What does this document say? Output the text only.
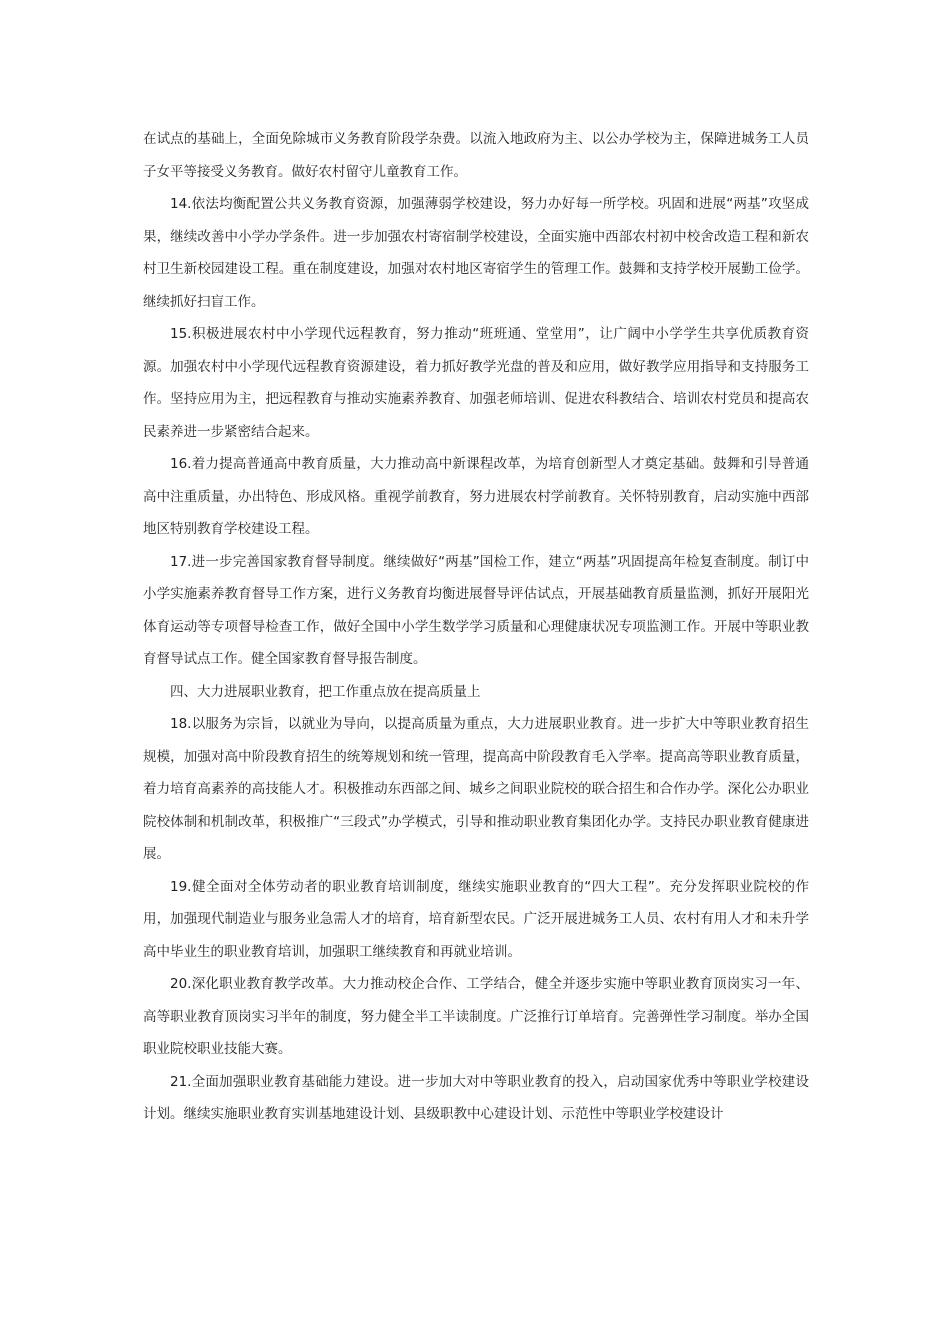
在试点的基础上，全面免除城市义务教育阶段学杂费。以流入地政府为主、以公办学校为主，保障进城务工人员子女平等接受义务教育。做好农村留守儿童教育工作。

14.依法均衡配置公共义务教育资源，加强薄弱学校建设，努力办好每一所学校。巩固和进展“两基”攻坚成果，继续改善中小学办学条件。进一步加强农村寄宿制学校建设，全面实施中西部农村初中校舍改造工程和新农村卫生新校园建设工程。重在制度建设，加强对农村地区寄宿学生的管理工作。鼓舞和支持学校开展勤工俭学。继续抓好扫盲工作。

15.积极进展农村中小学现代远程教育，努力推动“班班通、堂堂用”，让广阔中小学学生共享优质教育资源。加强农村中小学现代远程教育资源建设，着力抓好教学光盘的普及和应用，做好教学应用指导和支持服务工作。坚持应用为主，把远程教育与推动实施素养教育、加强老师培训、促进农科教结合、培训农村党员和提高农民素养进一步紧密结合起来。

16.着力提高普通高中教育质量，大力推动高中新课程改革，为培育创新型人才奠定基础。鼓舞和引导普通高中注重质量，办出特色、形成风格。重视学前教育，努力进展农村学前教育。关怀特别教育，启动实施中西部地区特别教育学校建设工程。

17.进一步完善国家教育督导制度。继续做好“两基”国检工作，建立“两基”巩固提高年检复查制度。制订中小学实施素养教育督导工作方案，进行义务教育均衡进展督导评估试点，开展基础教育质量监测，抓好开展阳光体育运动等专项督导检查工作，做好全国中小学生数学学习质量和心理健康状况专项监测工作。开展中等职业教育督导试点工作。健全国家教育督导报告制度。

四、大力进展职业教育，把工作重点放在提高质量上

18.以服务为宗旨，以就业为导向，以提高质量为重点，大力进展职业教育。进一步扩大中等职业教育招生规模，加强对高中阶段教育招生的统筹规划和统一管理，提高高中阶段教育毛入学率。提高高等职业教育质量，着力培育高素养的高技能人才。积极推动东西部之间、城乡之间职业院校的联合招生和合作办学。深化公办职业院校体制和机制改革，积极推广“三段式”办学模式，引导和推动职业教育集团化办学。支持民办职业教育健康进展。

19.健全面对全体劳动者的职业教育培训制度，继续实施职业教育的“四大工程”。充分发挥职业院校的作用，加强现代制造业与服务业急需人才的培育，培育新型农民。广泛开展进城务工人员、农村有用人才和未升学高中毕业生的职业教育培训，加强职工继续教育和再就业培训。

20.深化职业教育教学改革。大力推动校企合作、工学结合，健全并逐步实施中等职业教育顶岗实习一年、高等职业教育顶岗实习半年的制度，努力健全半工半读制度。广泛推行订单培育。完善弹性学习制度。举办全国职业院校职业技能大赛。

21.全面加强职业教育基础能力建设。进一步加大对中等职业教育的投入，启动国家优秀中等职业学校建设计划。继续实施职业教育实训基地建设计划、县级职教中心建设计划、示范性中等职业学校建设计
